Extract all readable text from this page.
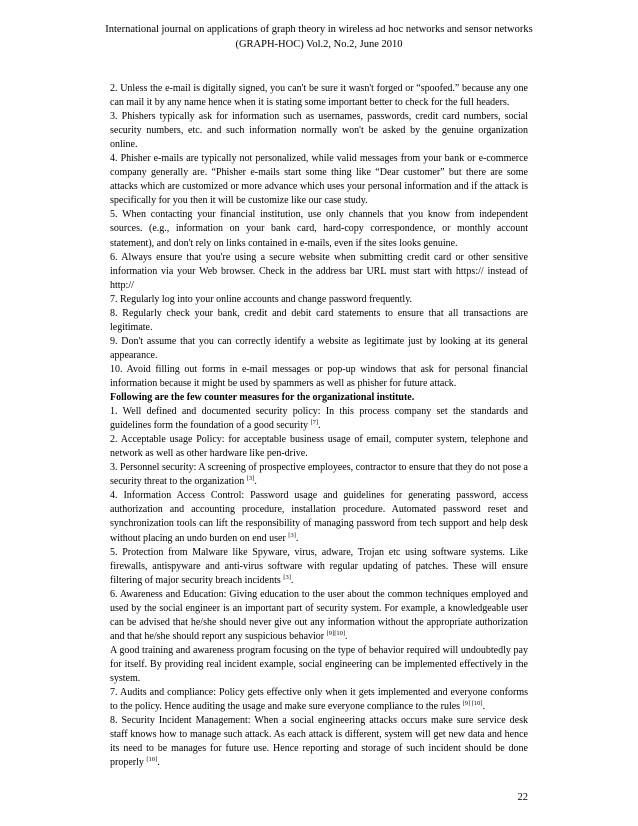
International journal on applications of graph theory in wireless ad hoc networks and sensor networks
(GRAPH-HOC) Vol.2, No.2, June 2010

2. Unless the e-mail is digitally signed, you can't be sure it wasn't forged or “spoofed.” because any one can mail it by any name hence when it is stating some important better to check for the full headers.

3. Phishers typically ask for information such as usernames, passwords, credit card numbers, social security numbers, etc. and such information normally won't be asked by the genuine organization online.

4. Phisher e-mails are typically not personalized, while valid messages from your bank or e-commerce company generally are. “Phisher e-mails start some thing like “Dear customer” but there are some attacks which are customized or more advance which uses your personal information and if the attack is specifically for you then it will be customize like our case study.

5. When contacting your financial institution, use only channels that you know from independent sources. (e.g., information on your bank card, hard-copy correspondence, or monthly account statement), and don't rely on links contained in e-mails, even if the sites looks genuine.

6. Always ensure that you're using a secure website when submitting credit card or other sensitive information via your Web browser. Check in the address bar URL must start with https:// instead of http://

7. Regularly log into your online accounts and change password frequently.

8. Regularly check your bank, credit and debit card statements to ensure that all transactions are legitimate.

9. Don't assume that you can correctly identify a website as legitimate just by looking at its general appearance.

10. Avoid filling out forms in e-mail messages or pop-up windows that ask for personal financial information because it might be used by spammers as well as phisher for future attack.

Following are the few counter measures for the organizational institute.

1. Well defined and documented security policy: In this process company set the standards and guidelines form the foundation of a good security [7].

2. Acceptable usage Policy: for acceptable business usage of email, computer system, telephone and network as well as other hardware like pen-drive.

3. Personnel security: A screening of prospective employees, contractor to ensure that they do not pose a security threat to the organization [3].

4. Information Access Control: Password usage and guidelines for generating password, access authorization and accounting procedure, installation procedure. Automated password reset and synchronization tools can lift the responsibility of managing password from tech support and help desk without placing an undo burden on end user [3].

5. Protection from Malware like Spyware, virus, adware, Trojan etc using software systems. Like firewalls, antispyware and anti-virus software with regular updating of patches. These will ensure filtering of major security breach incidents [3].

6. Awareness and Education: Giving education to the user about the common techniques employed and used by the social engineer is an important part of security system. For example, a knowledgeable user can be advised that he/she should never give out any information without the appropriate authorization and that he/she should report any suspicious behavior [9][10].

A good training and awareness program focusing on the type of behavior required will undoubtedly pay for itself. By providing real incident example, social engineering can be implemented effectively in the system.

7. Audits and compliance: Policy gets effective only when it gets implemented and everyone conforms to the policy. Hence auditing the usage and make sure everyone compliance to the rules [9] [10].

8. Security Incident Management: When a social engineering attacks occurs make sure service desk staff knows how to manage such attack. As each attack is different, system will get new data and hence its need to be manages for future use. Hence reporting and storage of such incident should be done properly [10].

22
